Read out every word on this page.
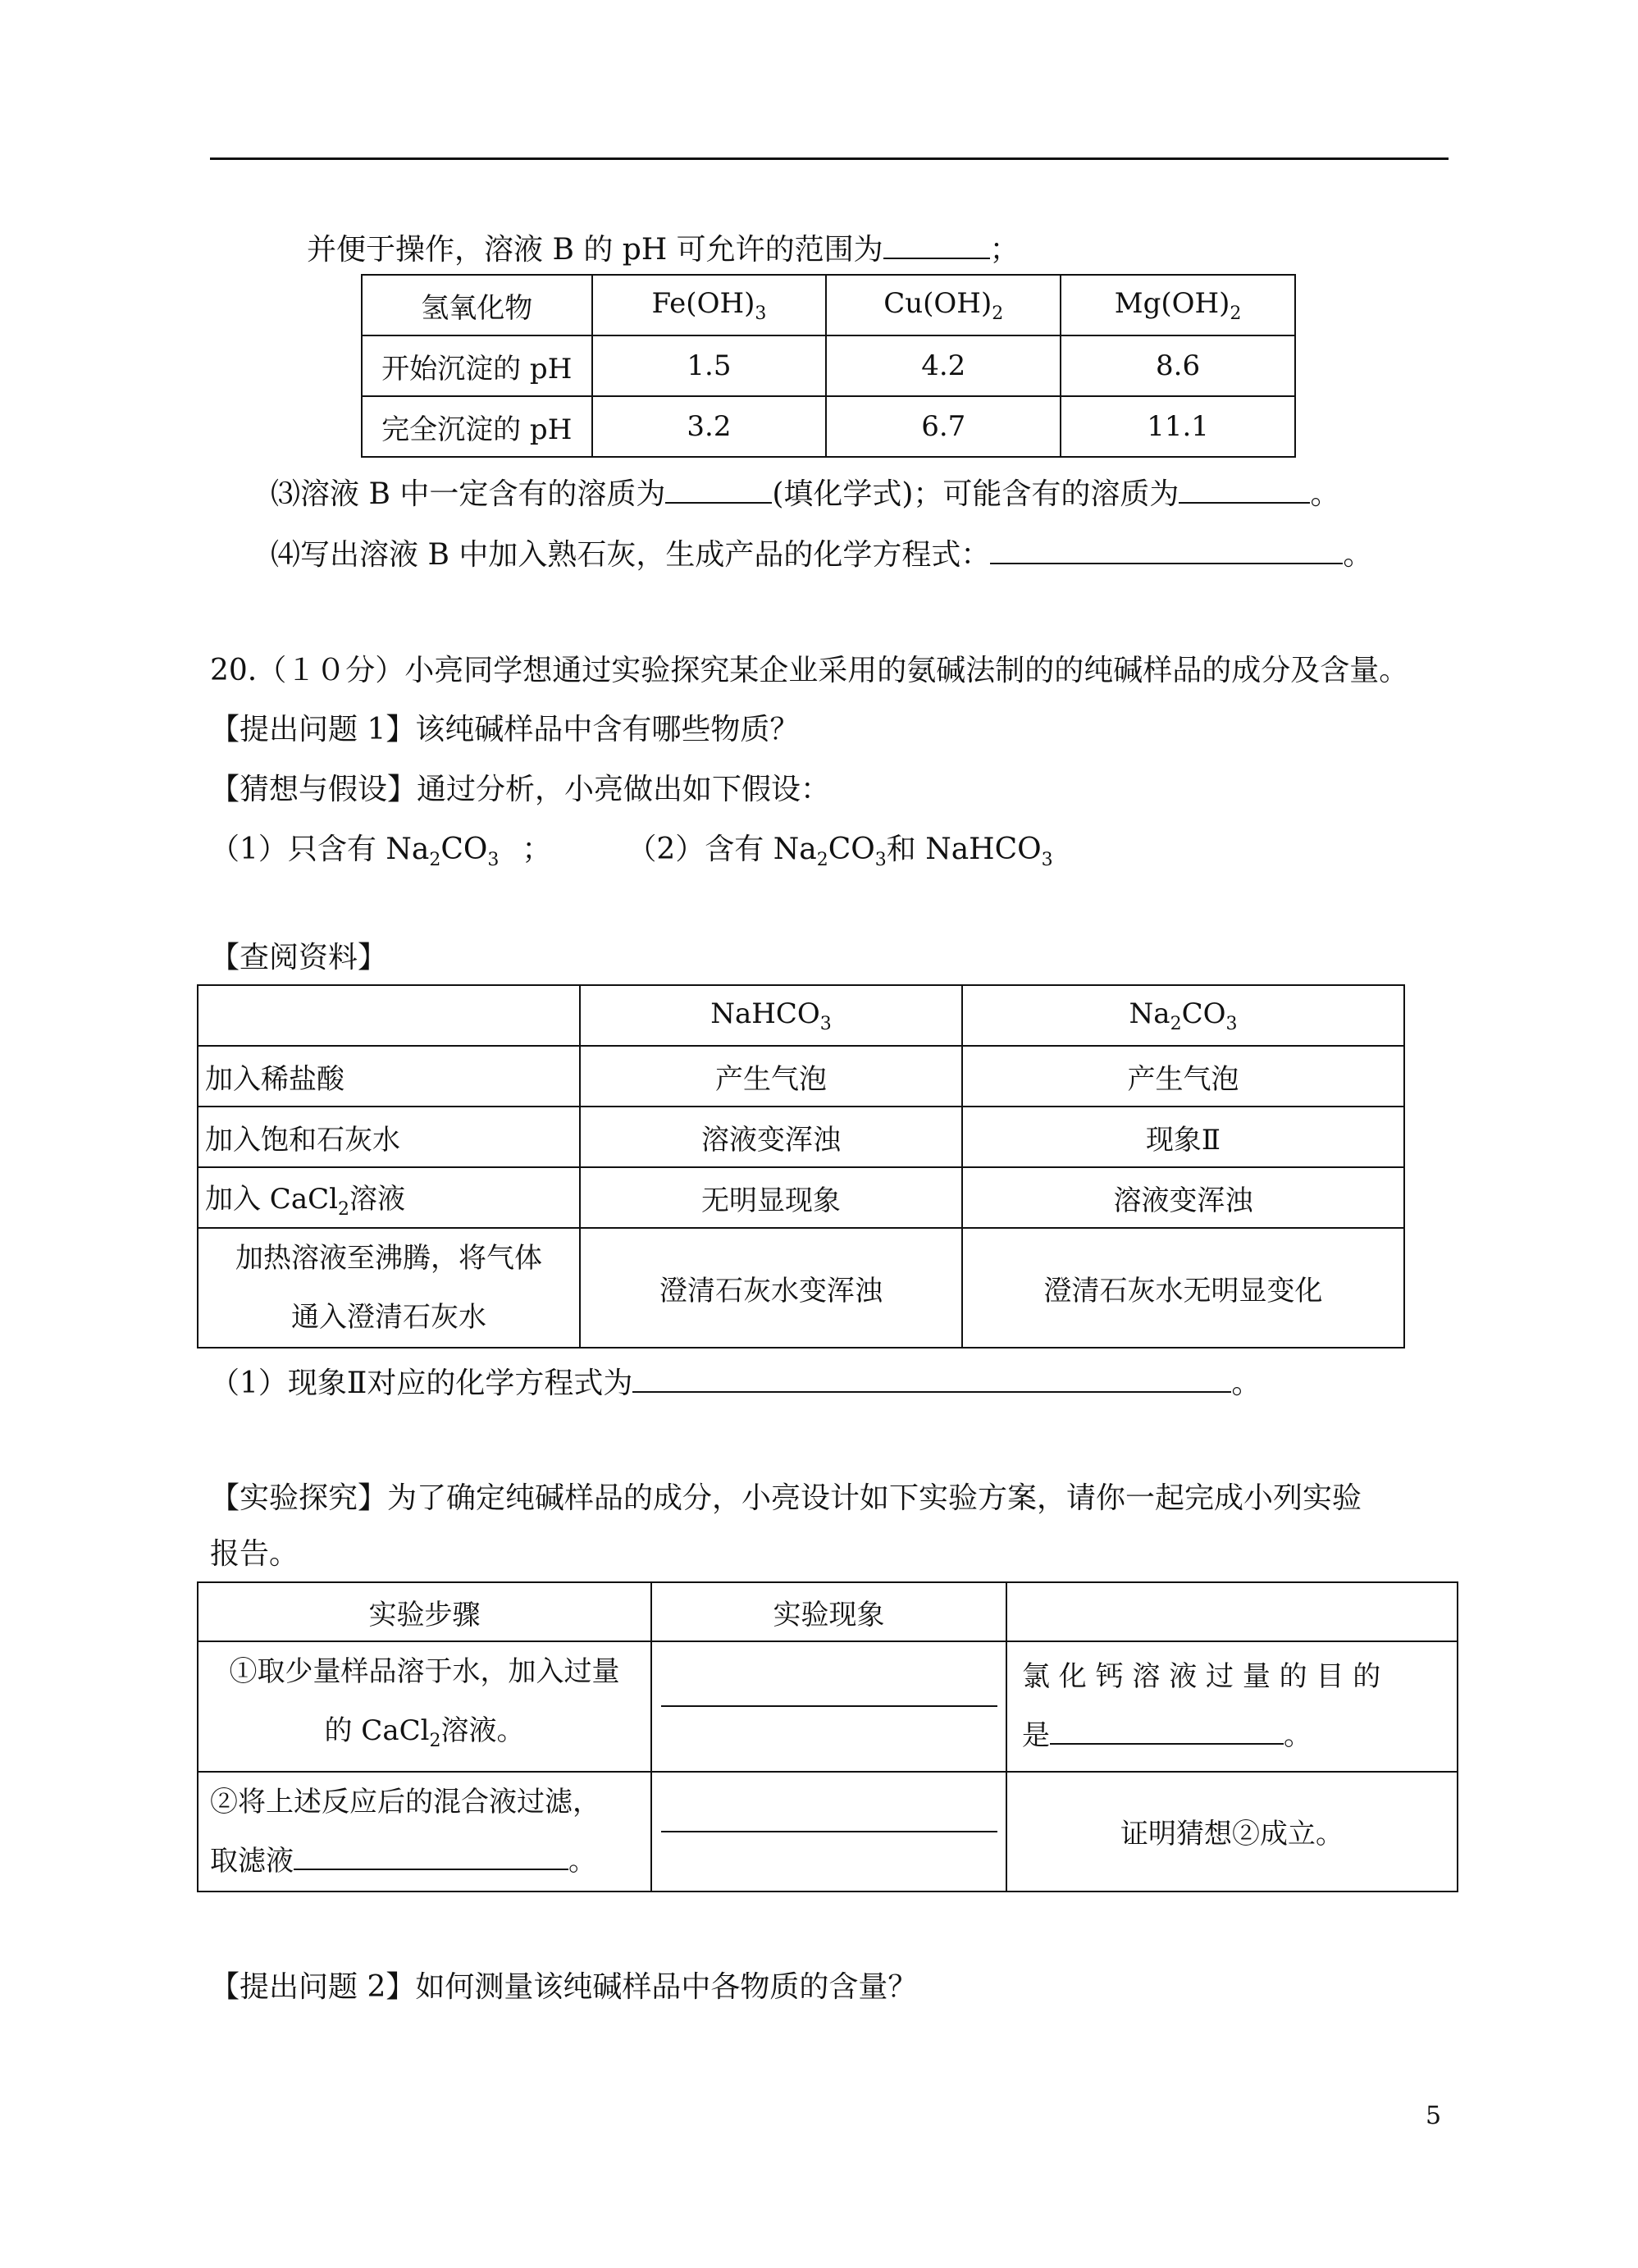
并便于操作，溶液 B 的 pH 可允许的范围为	；
氢氧化物	$Fe(OH)_3$	$Cu(OH)_2$	$Mg(OH)_2$
开始沉淀的 pH	1.5	4.2	8.6
完全沉淀的 pH	3.2	6.7	11.1
⑶溶液 B 中一定含有的溶质为	(填化学式)；可能含有的溶质为	。
⑷写出溶液 B 中加入熟石灰，生成产品的化学方程式：	。
20.（１０分）小亮同学想通过实验探究某企业采用的氨碱法制的的纯碱样品的成分及含量。
【提出问题 1】该纯碱样品中含有哪些物质？
【猜想与假设】通过分析，小亮做出如下假设：
（1）只含有 $Na_2CO_3$ ；	（2）含有 $Na_2CO_3$和 NaHCO$_3$
【查阅资料】
	NaHCO$_3$	$Na_2CO_3$
加入稀盐酸	产生气泡	产生气泡
加入饱和石灰水	溶液变浑浊	现象Ⅱ
加入 CaCl$_2$溶液	无明显现象	溶液变浑浊
加热溶液至沸腾，将气体
通入澄清石灰水	澄清石灰水变浑浊	澄清石灰水无明显变化
（1）现象Ⅱ对应的化学方程式为	。
【实验探究】为了确定纯碱样品的成分，小亮设计如下实验方案，请你一起完成小列实验
报告。
实验步骤	实验现象	
①取少量样品溶于水，加入过量
的 CaCl$_2$溶液。		氯 化 钙 溶 液 过 量 的 目 的
是 。
②将上述反应后的混合液过滤，
取滤液 。		证明猜想②成立。
【提出问题 2】如何测量该纯碱样品中各物质的含量？
5
